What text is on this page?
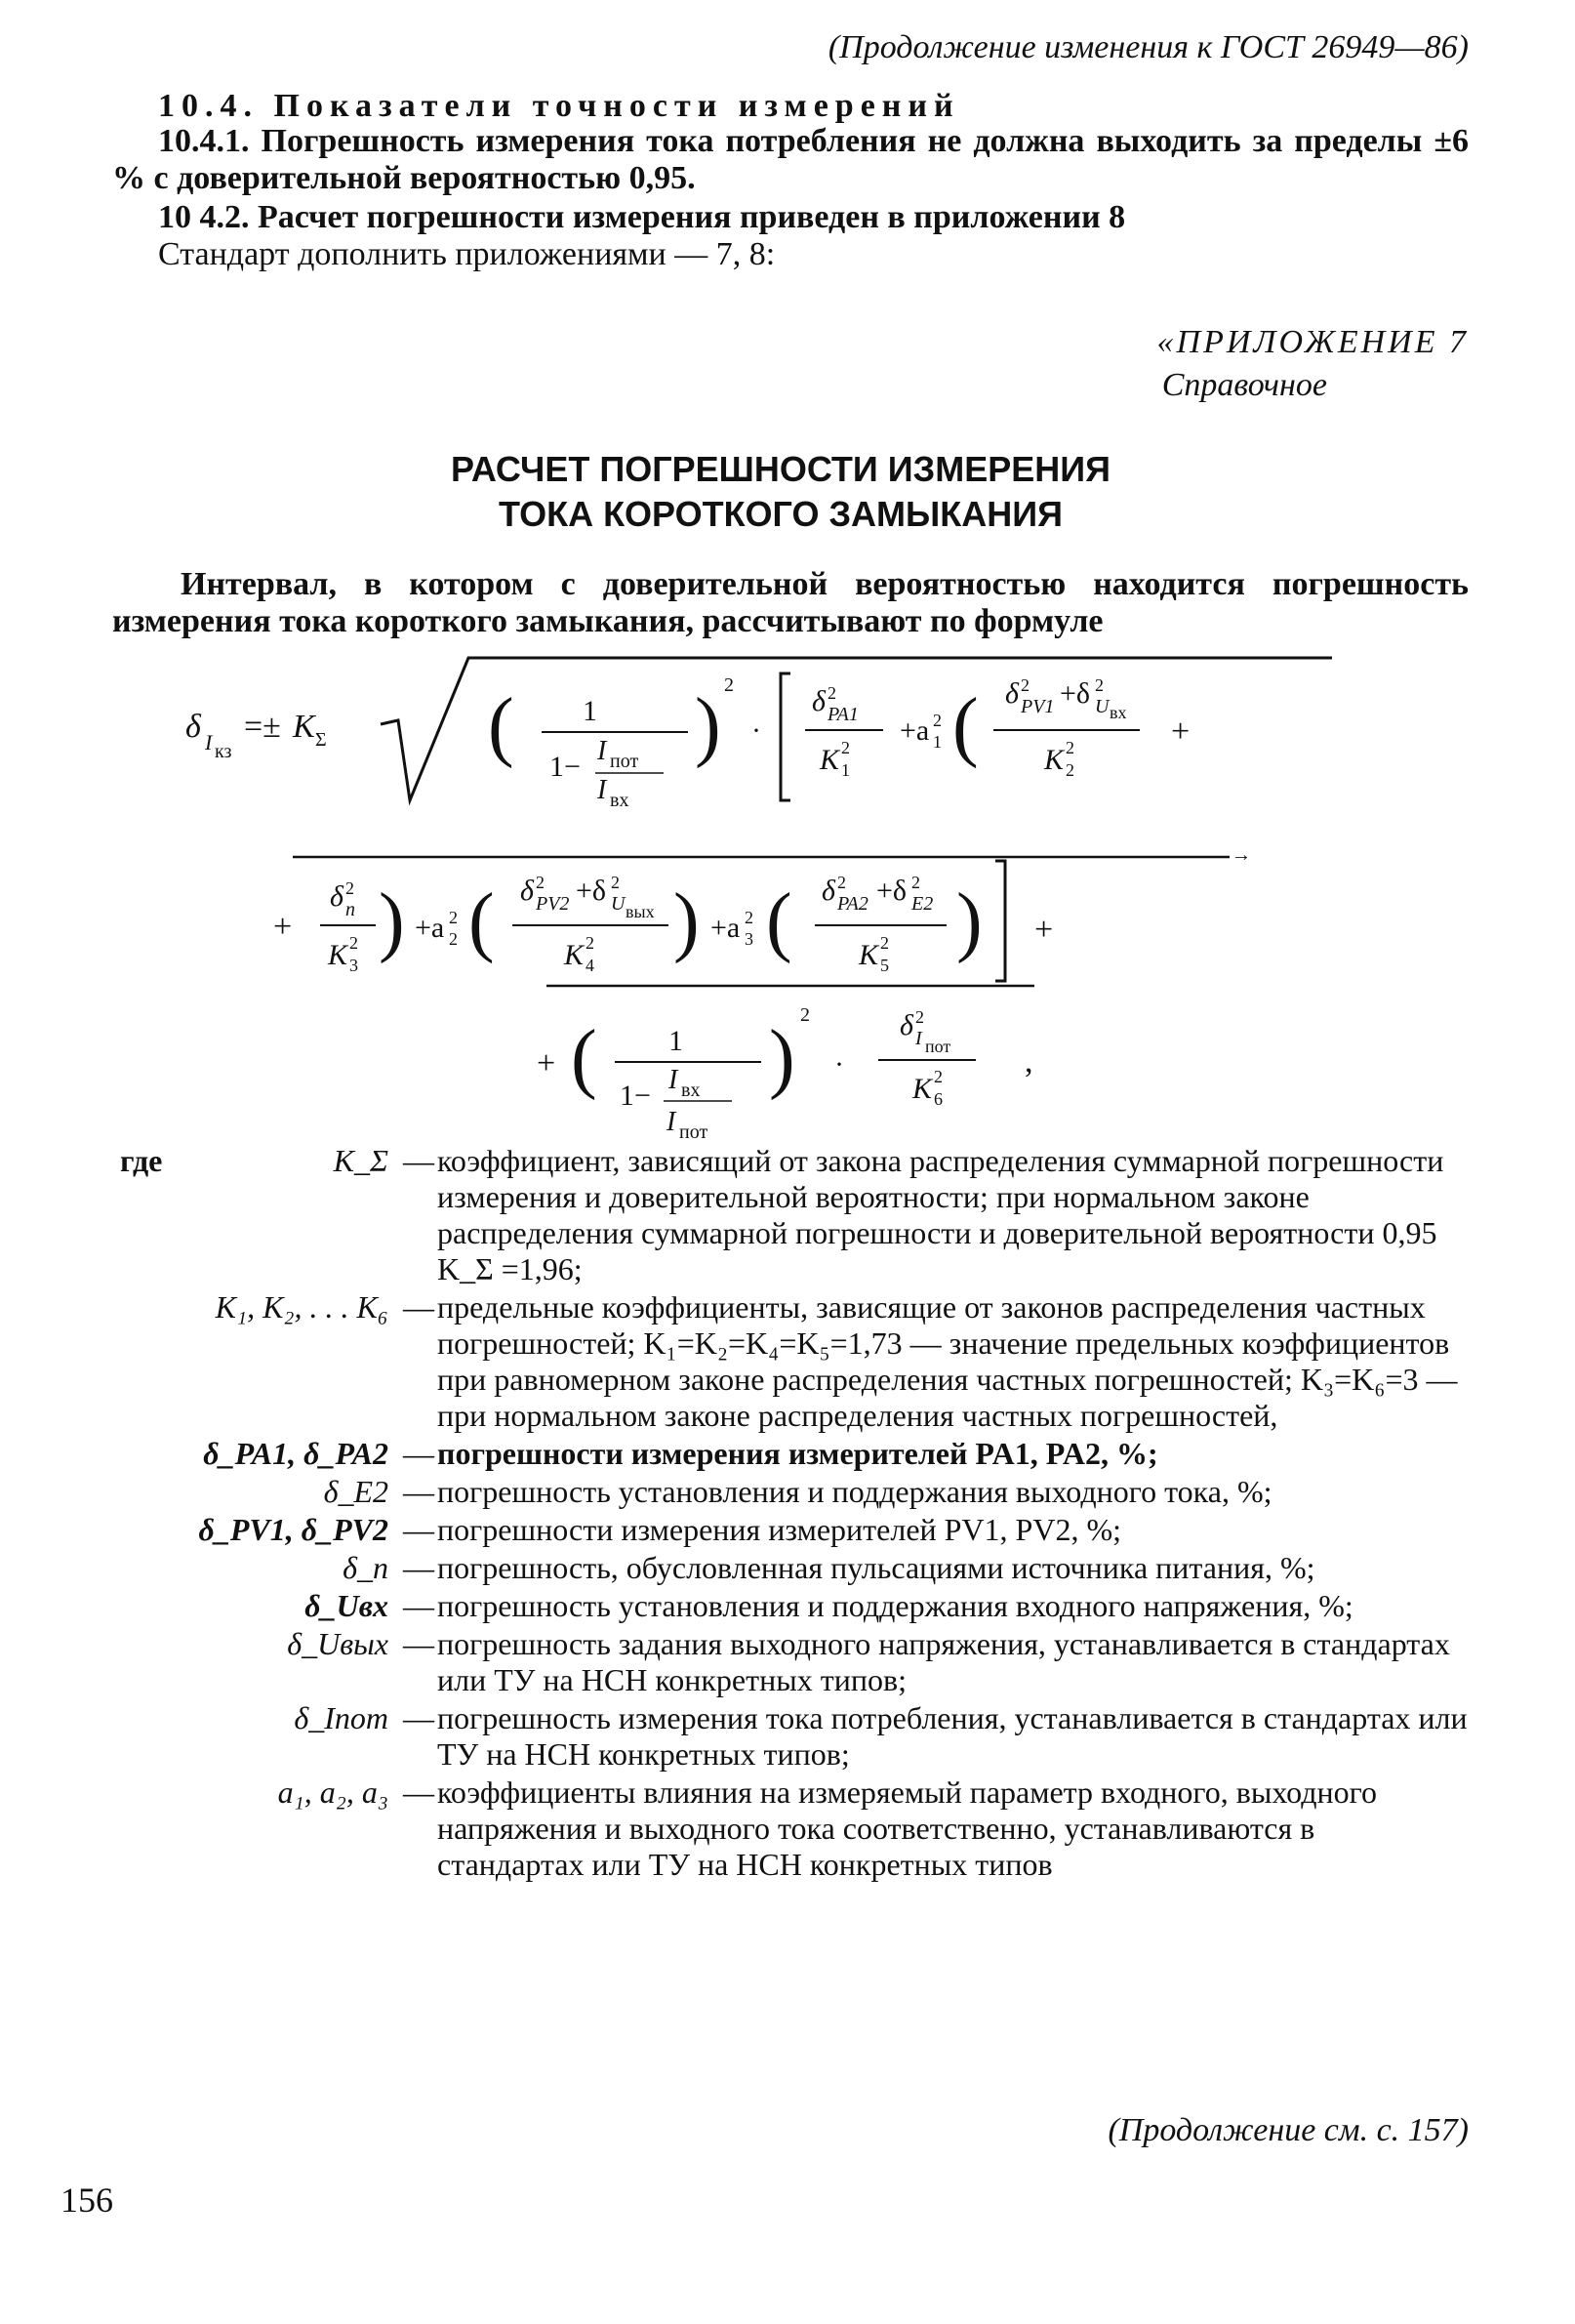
(Продолжение изменения к ГОСТ 26949—86)
10.4. Показатели точности измерений
10.4.1. Погрешность измерения тока потребления не должна выходить за пределы ±6 % с доверительной вероятностью 0,95.
10 4.2. Расчет погрешности измерения приведен в приложении 8
Стандарт дополнить приложениями — 7, 8:
«ПРИЛОЖЕНИЕ 7
Справочное
РАСЧЕТ ПОГРЕШНОСТИ ИЗМЕРЕНИЯ
ТОКА КОРОТКОГО ЗАМЫКАНИЯ
Интервал, в котором с доверительной вероятностью находится погрешность измерения тока короткого замыкания, рассчитывают по формуле
δ I кз
=± K Σ ( 1
1− I пот
I вх
) 2
·
δ 2
PA1
K 2
1
+a 2
1 ( δ 2
PV1 +δ 2
U вх
K 2
2
+
→
+
δ 2
п
K 2
3
) +a 2
2 ( δ 2
PV2 +δ 2
U вых
K 2
4
) +a 2
3 ( δ 2
PA2 +δ 2
E2
K 2
5
) +
+ ( 1
1− I вх
I пот
) 2
·
δ 2
I пот
K 2
6
,
где	K_Σ — коэффициент, зависящий от закона распределения суммарной погрешности измерения и доверительной вероятности; при нормальном законе распределения суммарной погрешности и доверительной вероятности 0,95 K_Σ =1,96;
K₁, K₂, . . . K₆ — предельные коэффициенты, зависящие от законов распределения частных погрешностей; K₁=K₂=K₄=K₅=1,73 — значение предельных коэффициентов при равномерном законе распределения частных погрешностей; K₃=K₆=3 — при нормальном законе распределения частных погрешностей,
δ_PA1, δ_PA2 — погрешности измерения измерителей PA1, PA2, %;
δ_E2 — погрешность установления и поддержания выходного тока, %;
δ_PV1, δ_PV2 — погрешности измерения измерителей PV1, PV2, %;
δ_п — погрешность, обусловленная пульсациями источника питания, %;
δ_Uвх — погрешность установления и поддержания входного напряжения, %;
δ_Uвых — погрешность задания выходного напряжения, устанавливается в стандартах или ТУ на НСН конкретных типов;
δ_Iпот — погрешность измерения тока потребления, устанавливается в стандартах или ТУ на НСН конкретных типов;
a₁, a₂, a₃ — коэффициенты влияния на измеряемый параметр входного, выходного напряжения и выходного тока соответственно, устанавливаются в стандартах или ТУ на НСН конкретных типов
(Продолжение см. с. 157)
156
